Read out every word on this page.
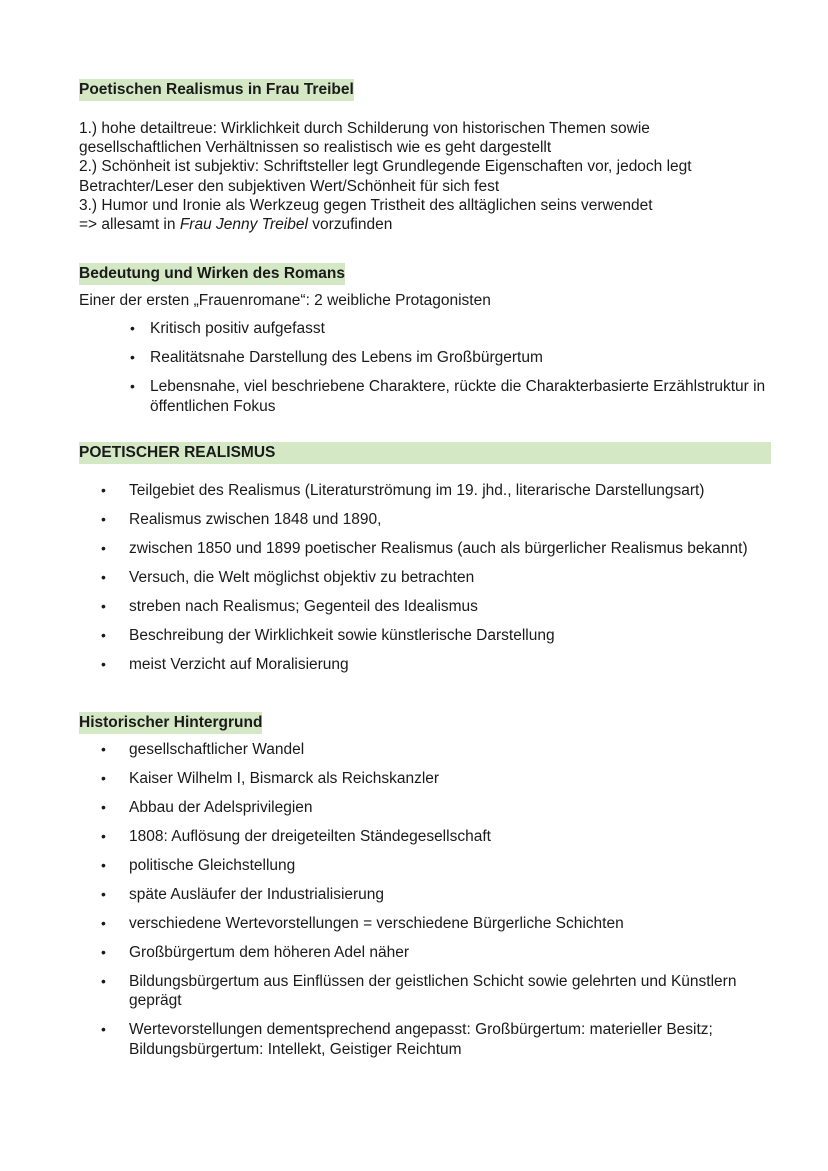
Poetischen Realismus in Frau Treibel

1.) hohe detailtreue: Wirklichkeit durch Schilderung von historischen Themen sowie gesellschaftlichen Verhältnissen so realistisch wie es geht dargestellt

2.) Schönheit ist subjektiv: Schriftsteller legt Grundlegende Eigenschaften vor, jedoch legt Betrachter/Leser den subjektiven Wert/Schönheit für sich fest

3.) Humor und Ironie als Werkzeug gegen Tristheit des alltäglichen seins verwendet

=> allesamt in Frau Jenny Treibel vorzufinden

Bedeutung und Wirken des Romans

Einer der ersten „Frauenromane“: 2 weibliche Protagonisten

• Kritisch positiv aufgefasst
• Realitätsnahe Darstellung des Lebens im Großbürgertum
• Lebensnahe, viel beschriebene Charaktere, rückte die Charakterbasierte Erzählstruktur in öffentlichen Fokus
POETISCHER REALISMUS
• Teilgebiet des Realismus (Literaturströmung im 19. jhd., literarische Darstellungsart)
• Realismus zwischen 1848 und 1890,
• zwischen 1850 und 1899 poetischer Realismus (auch als bürgerlicher Realismus bekannt)
• Versuch, die Welt möglichst objektiv zu betrachten
• streben nach Realismus; Gegenteil des Idealismus
• Beschreibung der Wirklichkeit sowie künstlerische Darstellung
• meist Verzicht auf Moralisierung
Historischer Hintergrund
• gesellschaftlicher Wandel
• Kaiser Wilhelm I, Bismarck als Reichskanzler
• Abbau der Adelsprivilegien
• 1808: Auflösung der dreigeteilten Ständegesellschaft
• politische Gleichstellung
• späte Ausläufer der Industrialisierung
• verschiedene Wertevorstellungen = verschiedene Bürgerliche Schichten
• Großbürgertum dem höheren Adel näher
• Bildungsbürgertum aus Einflüssen der geistlichen Schicht sowie gelehrten und Künstlern geprägt
• Wertevorstellungen dementsprechend angepasst: Großbürgertum: materieller Besitz; Bildungsbürgertum: Intellekt, Geistiger Reichtum
